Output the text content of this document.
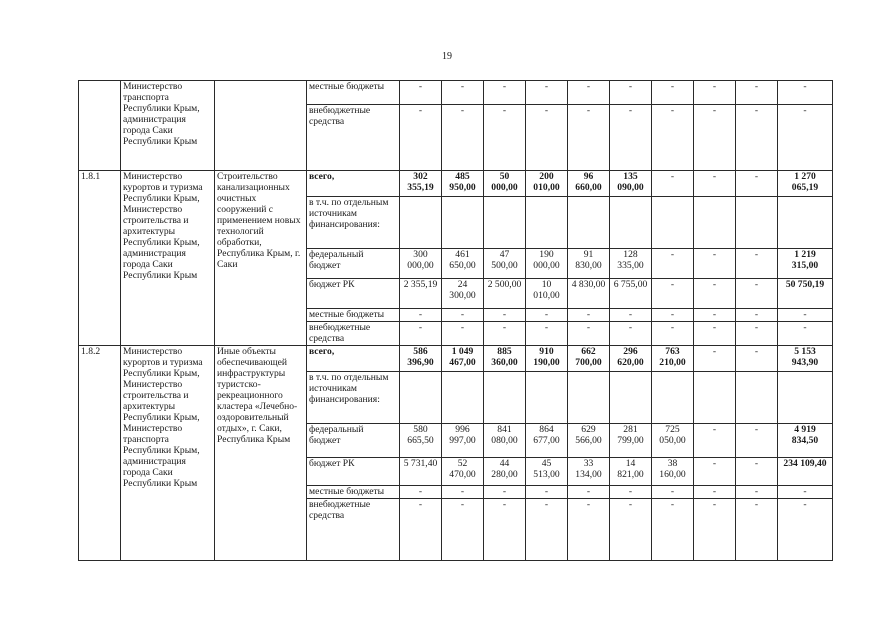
19
	Министерство транспорта Республики Крым, администрация города Саки Республики Крым		местные бюджеты	-	-	-	-	-	-	-	-	-	-
			внебюджетные средства	-	-	-	-	-	-	-	-	-	-
1.8.1	Министерство курортов и туризма Республики Крым, Министерство строительства и архитектуры Республики Крым, администрация города Саки Республики Крым	Строительство канализационных очистных сооружений с применением новых технологий обработки, Республика Крым, г. Саки	всего,	302 355,19	485 950,00	50 000,00	200 010,00	96 660,00	135 090,00	-	-	-	1 270 065,19
			в т.ч. по отдельным источникам финансирования:										
			федеральный бюджет	300 000,00	461 650,00	47 500,00	190 000,00	91 830,00	128 335,00	-	-	-	1 219 315,00
			бюджет РК	2 355,19	24 300,00	2 500,00	10 010,00	4 830,00	6 755,00	-	-	-	50 750,19
			местные бюджеты	-	-	-	-	-	-	-	-	-	-
			внебюджетные средства	-	-	-	-	-	-	-	-	-	-
1.8.2	Министерство курортов и туризма Республики Крым, Министерство строительства и архитектуры Республики Крым, Министерство транспорта Республики Крым, администрация города Саки Республики Крым	Иные объекты обеспечивающей инфраструктуры туристско-рекреационного кластера «Лечебно-оздоровительный отдых», г. Саки, Республика Крым	всего,	586 396,90	1 049 467,00	885 360,00	910 190,00	662 700,00	296 620,00	763 210,00	-	-	5 153 943,90
			в т.ч. по отдельным источникам финансирования:										
			федеральный бюджет	580 665,50	996 997,00	841 080,00	864 677,00	629 566,00	281 799,00	725 050,00	-	-	4 919 834,50
			бюджет РК	5 731,40	52 470,00	44 280,00	45 513,00	33 134,00	14 821,00	38 160,00	-	-	234 109,40
			местные бюджеты	-	-	-	-	-	-	-	-	-	-
			внебюджетные средства	-	-	-	-	-	-	-	-	-	-
